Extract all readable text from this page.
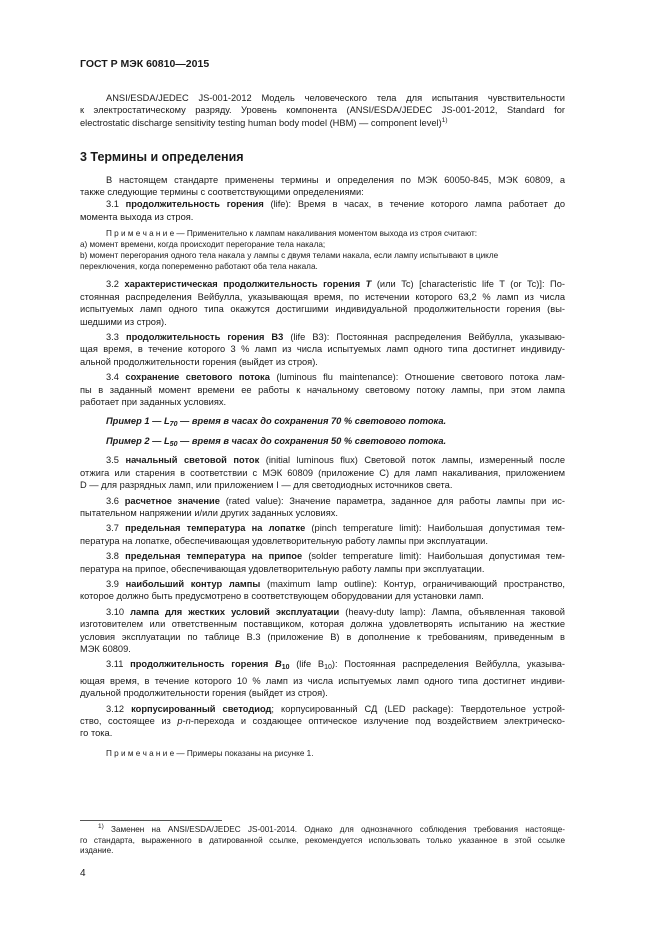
ГОСТ Р МЭК 60810—2015
ANSI/ESDA/JEDEC JS-001-2012 Модель человеческого тела для испытания чувствительности
к электростатическому разряду. Уровень компонента (ANSI/ESDA/JEDEC JS-001-2012, Standard for
electrostatic discharge sensitivity testing human body model (HBM) — component level)$^{1)}$
3 Термины и определения
В настоящем стандарте применены термины и определения по МЭК 60050-845, МЭК 60809, а
также следующие термины с соответствующими определениями:
3.1 продолжительность горения (life): Время в часах, в течение которого лампа работает до
момента выхода из строя.
П р и м е ч а н и е — Применительно к лампам накаливания моментом выхода из строя считают:
а) момент времени, когда происходит перегорание тела накала;
b) момент перегорания одного тела накала у лампы с двумя телами накала, если лампу испытывают в цикле
переключения, когда попеременно работают оба тела накала.
3.2 характеристическая продолжительность горения T (или Tc) [characteristic life T (or Tc)]: По-
стоянная распределения Вейбулла, указывающая время, по истечении которого 63,2 % ламп из числа
испытуемых ламп одного типа окажутся достигшими индивидуальной продолжительности горения (вы-
шедшими из строя).
3.3 продолжительность горения B3 (life B3): Постоянная распределения Вейбулла, указываю-
щая время, в течение которого 3 % ламп из числа испытуемых ламп одного типа достигнет индивиду-
альной продолжительности горения (выйдет из строя).
3.4 сохранение светового потока (luminous flu maintenance): Отношение светового потока лам-
пы в заданный момент времени ее работы к начальному световому потоку лампы, при этом лампа
работает при заданных условиях.
Пример 1 — $L_{70}$ — время в часах до сохранения 70 % светового потока.
Пример 2 — $L_{50}$ — время в часах до сохранения 50 % светового потока.
3.5 начальный световой поток (initial luminous flux) Световой поток лампы, измеренный после
отжига или старения в соответствии с МЭК 60809 (приложение С) для ламп накаливания, приложением
D — для разрядных ламп, или приложением I — для светодиодных источников света.
3.6 расчетное значение (rated value): Значение параметра, заданное для работы лампы при ис-
пытательном напряжении и/или других заданных условиях.
3.7 предельная температура на лопатке (pinch temperature limit): Наибольшая допустимая тем-
пература на лопатке, обеспечивающая удовлетворительную работу лампы при эксплуатации.
3.8 предельная температура на припое (solder temperature limit): Наибольшая допустимая тем-
пература на припое, обеспечивающая удовлетворительную работу лампы при эксплуатации.
3.9 наибольший контур лампы (maximum lamp outline): Контур, ограничивающий пространство,
которое должно быть предусмотрено в соответствующем оборудовании для установки ламп.
3.10 лампа для жестких условий эксплуатации (heavy-duty lamp): Лампа, объявленная таковой
изготовителем или ответственным поставщиком, которая должна удовлетворять испытанию на жесткие
условия эксплуатации по таблице В.3 (приложение В) в дополнение к требованиям, приведенным в
МЭК 60809.
3.11 продолжительность горения $B_{10}$ (life $B_{10}$): Постоянная распределения Вейбулла, указыва-
ющая время, в течение которого 10 % ламп из числа испытуемых ламп одного типа достигнет индиви-
дуальной продолжительности горения (выйдет из строя).
3.12 корпусированный светодиод; корпусированный СД (LED package): Твердотельное устрой-
ство, состоящее из p-n-перехода и создающее оптическое излучение под воздействием электрическо-
го тока.
П р и м е ч а н и е — Примеры показаны на рисунке 1.
$^{1)}$ Заменен на ANSI/ESDA/JEDEC JS-001-2014. Однако для однозначного соблюдения требования настояще-
го стандарта, выраженного в датированной ссылке, рекомендуется использовать только указанное в этой ссылке
издание.
4
